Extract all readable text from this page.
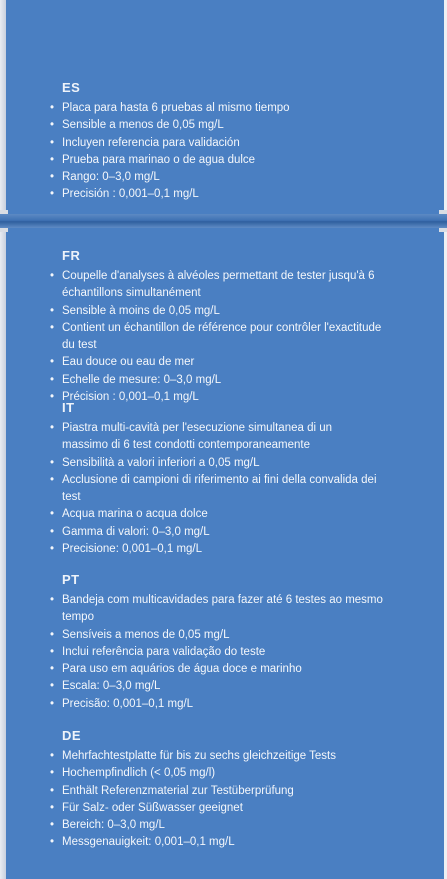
ES
• Placa para hasta 6 pruebas al mismo tiempo
• Sensible a menos de 0,05 mg/L
• Incluyen referencia para validación
• Prueba para marinao o de agua dulce
• Rango: 0–3,0 mg/L
• Precisión : 0,001–0,1 mg/L
FR
• Coupelle d'analyses à alvéoles permettant de tester jusqu'à 6
échantillons simultanément
• Sensible à moins de 0,05 mg/L
• Contient un échantillon de référence pour contrôler l'exactitude
du test
• Eau douce ou eau de mer
• Echelle de mesure: 0–3,0 mg/L
• Précision : 0,001–0,1 mg/L
IT
• Piastra multi-cavità per l'esecuzione simultanea di un
massimo di 6 test condotti contemporaneamente
• Sensibilità a valori inferiori a 0,05 mg/L
• Acclusione di campioni di riferimento ai fini della convalida dei
test
• Acqua marina o acqua dolce
• Gamma di valori: 0–3,0 mg/L
• Precisione: 0,001–0,1 mg/L
PT
• Bandeja com multicavidades para fazer até 6 testes ao mesmo
tempo
• Sensíveis a menos de 0,05 mg/L
• Inclui referência para validação do teste
• Para uso em aquários de água doce e marinho
• Escala: 0–3,0 mg/L
• Precisão: 0,001–0,1 mg/L
DE
• Mehrfachtestplatte für bis zu sechs gleichzeitige Tests
• Hochempfindlich (< 0,05 mg/l)
• Enthält Referenzmaterial zur Testüberprüfung
• Für Salz- oder Süßwasser geeignet
• Bereich: 0–3,0 mg/L
• Messgenauigkeit: 0,001–0,1 mg/L
